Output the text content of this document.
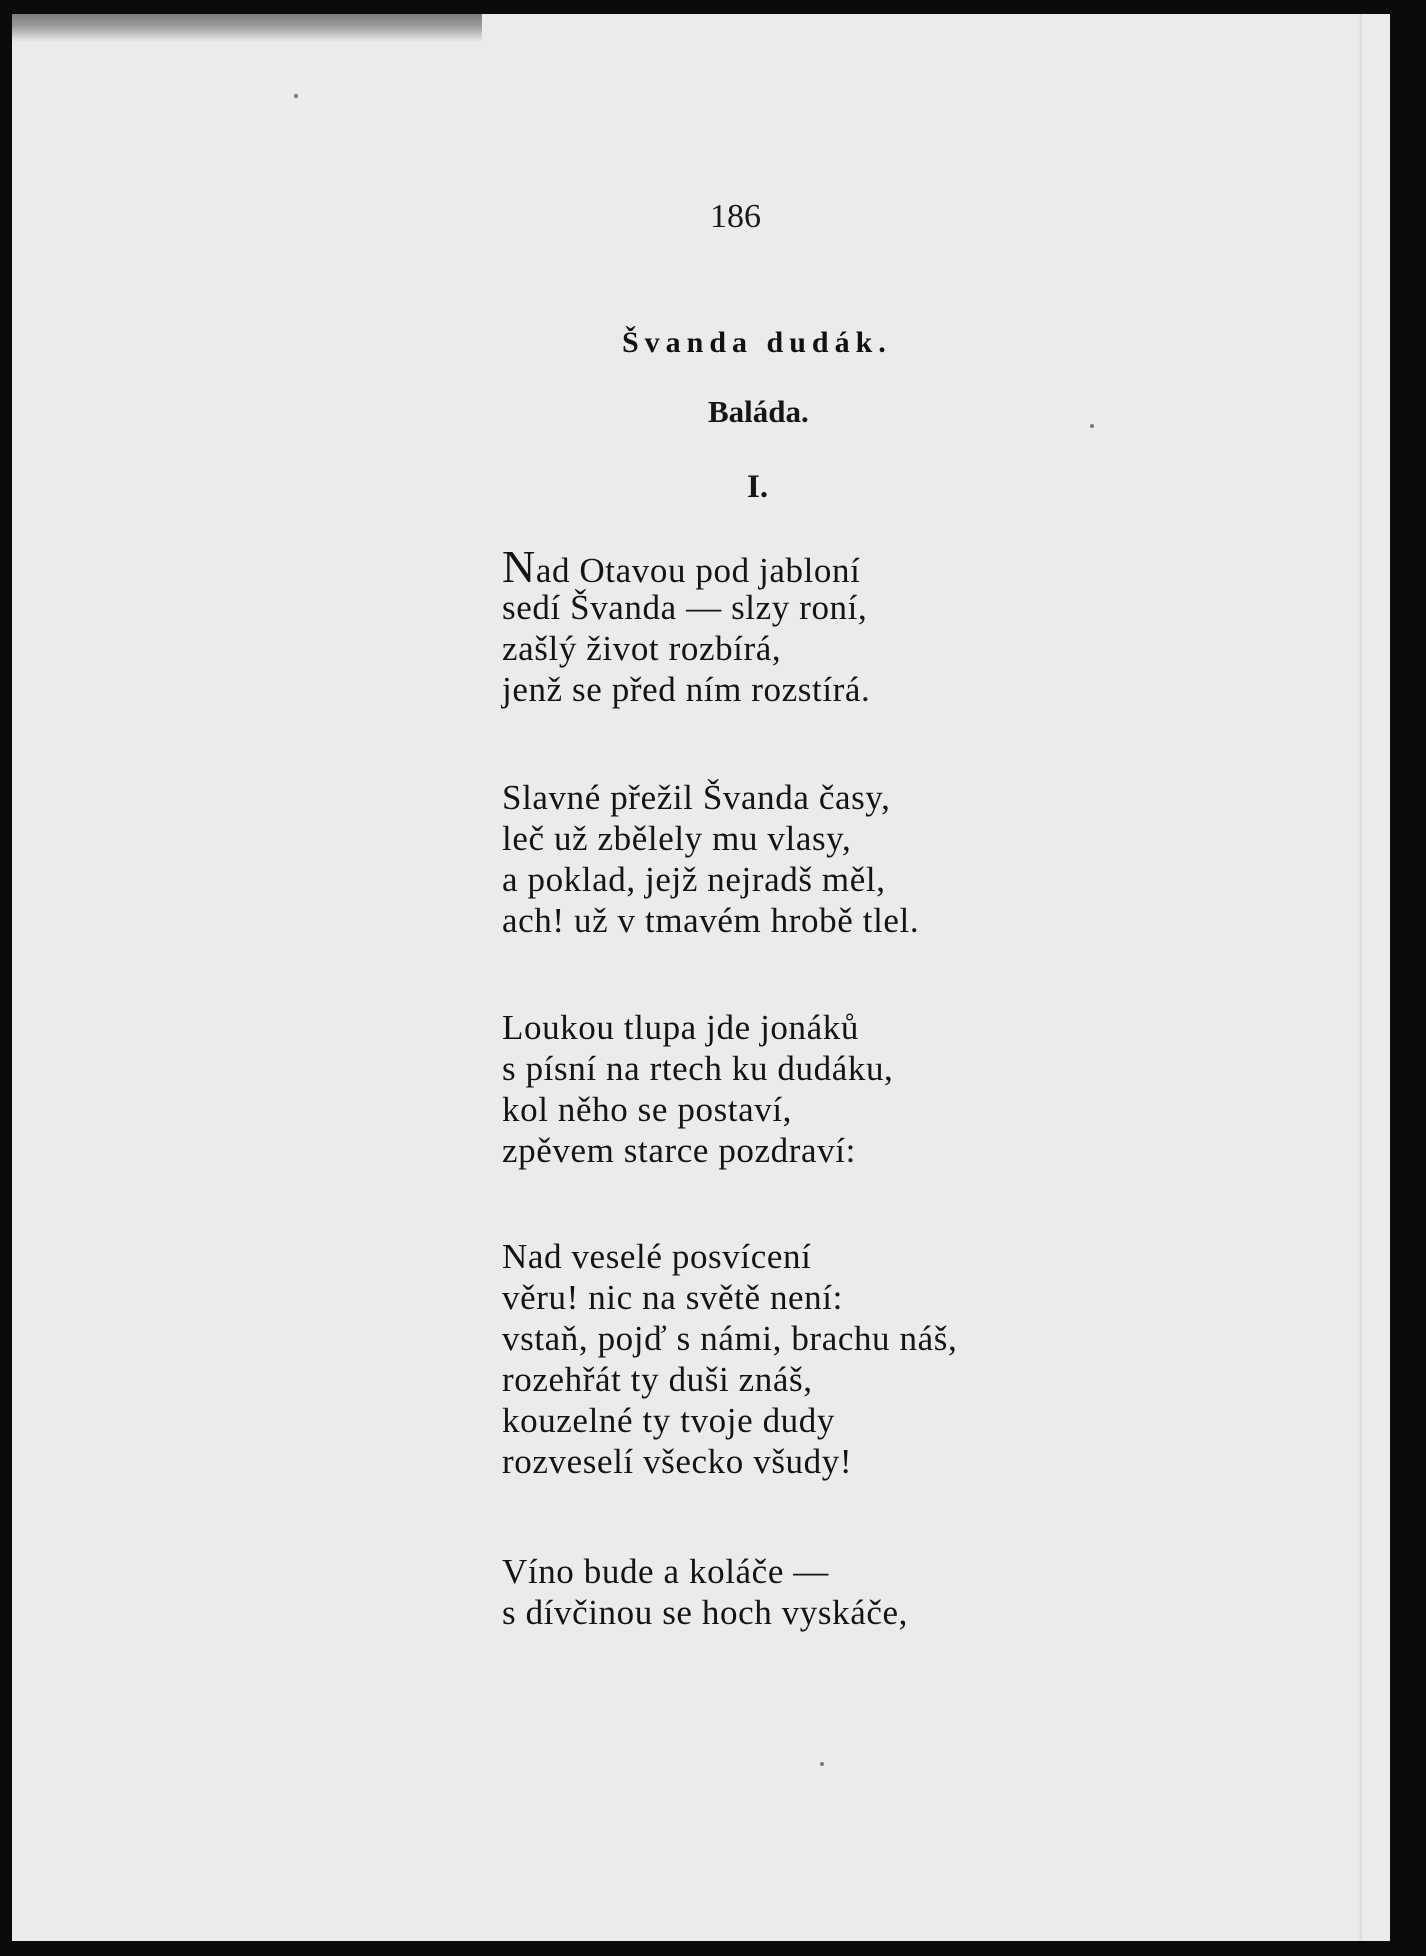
186
Švanda dudák.
Baláda.
I.
Nad Otavou pod jabloní
sedí Švanda — slzy roní,
zašlý život rozbírá,
jenž se před ním rozstírá.
Slavné přežil Švanda časy,
leč už zbělely mu vlasy,
a poklad, jejž nejradš měl,
ach! už v tmavém hrobě tlel.
Loukou tlupa jde jonáků
s písní na rtech ku dudáku,
kol něho se postaví,
zpěvem starce pozdraví:
Nad veselé posvícení
věru! nic na světě není:
vstaň, pojď s námi, brachu náš,
rozehřát ty duši znáš,
kouzelné ty tvoje dudy
rozveselí všecko všudy!
Víno bude a koláče —
s dívčinou se hoch vyskáče,
